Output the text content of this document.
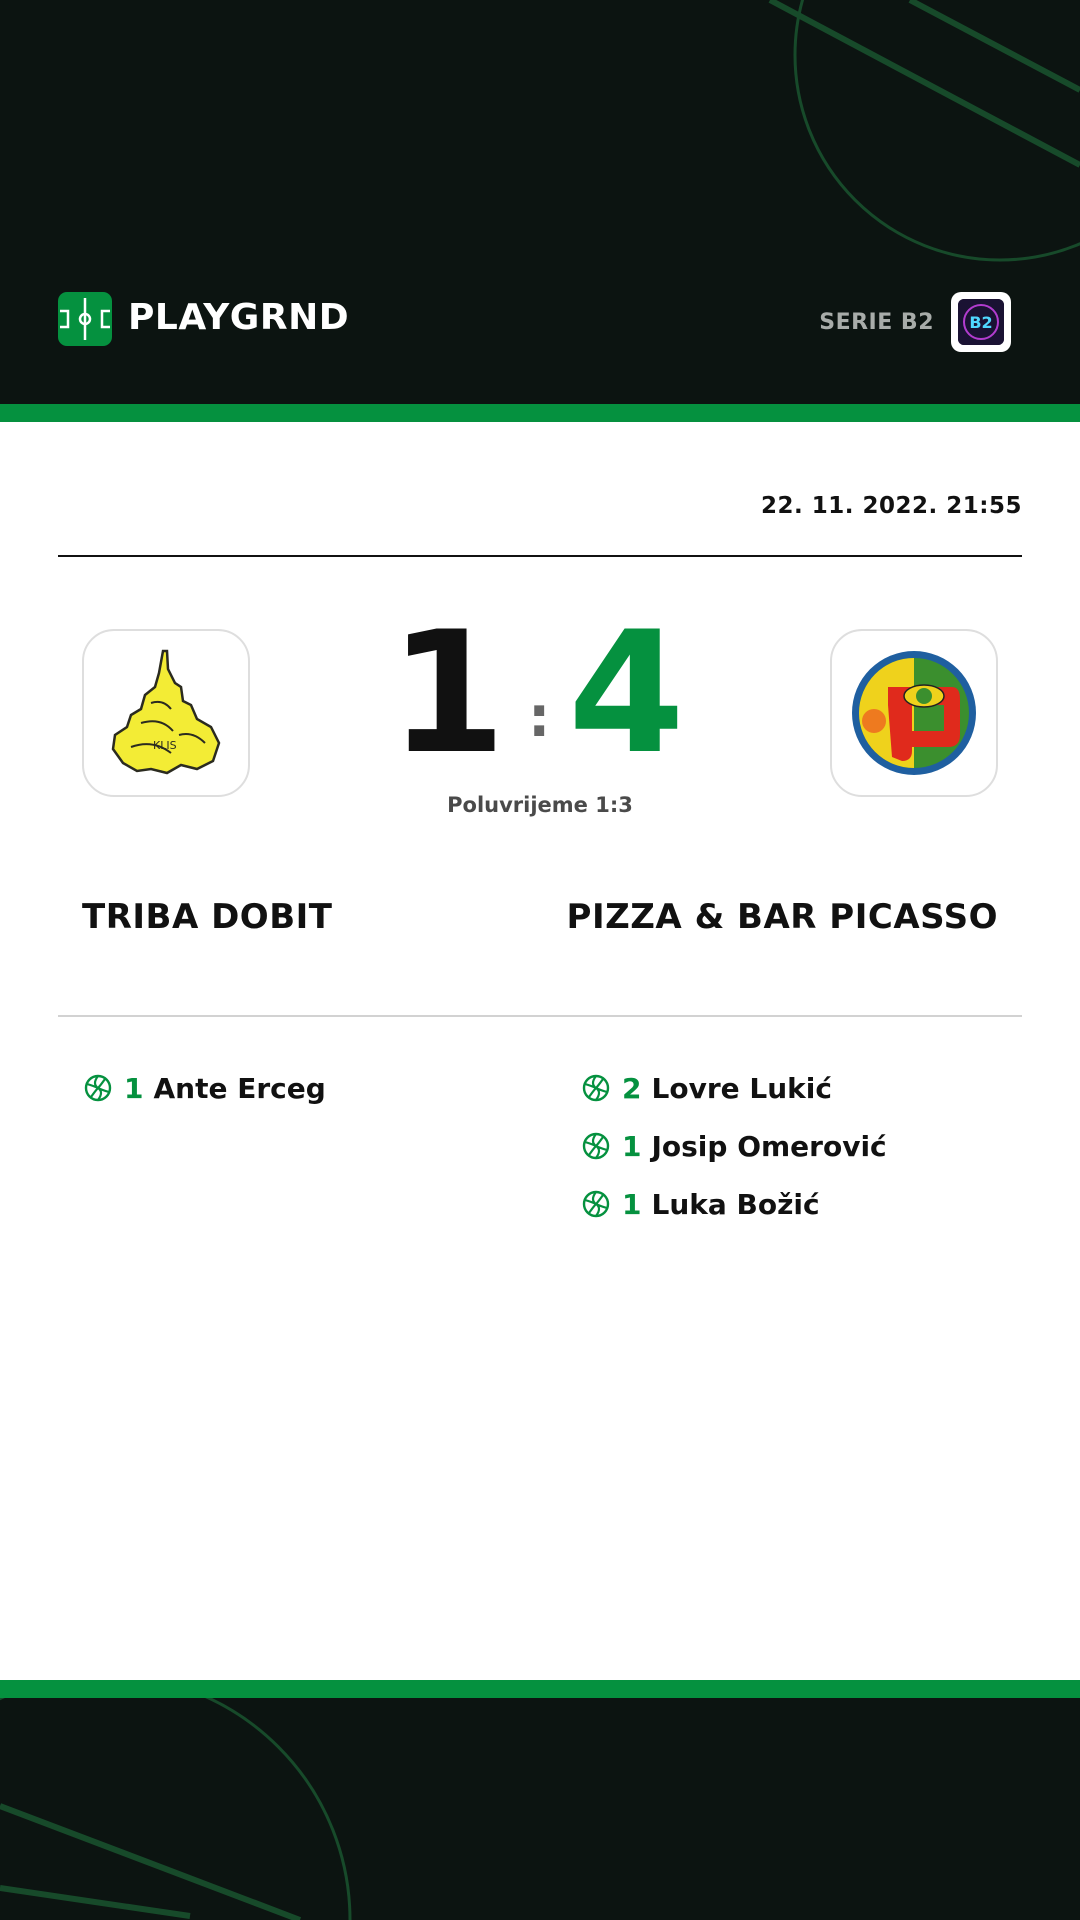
PLAYGRND	SERIE B2 B2
22. 11. 2022. 21:55
KLIS 1 : 4
Poluvrijeme 1:3
TRIBA DOBIT	PIZZA & BAR PICASSO
1 Ante Erceg	2 Lovre Lukić
1 Josip Omerović
1 Luka Božić
